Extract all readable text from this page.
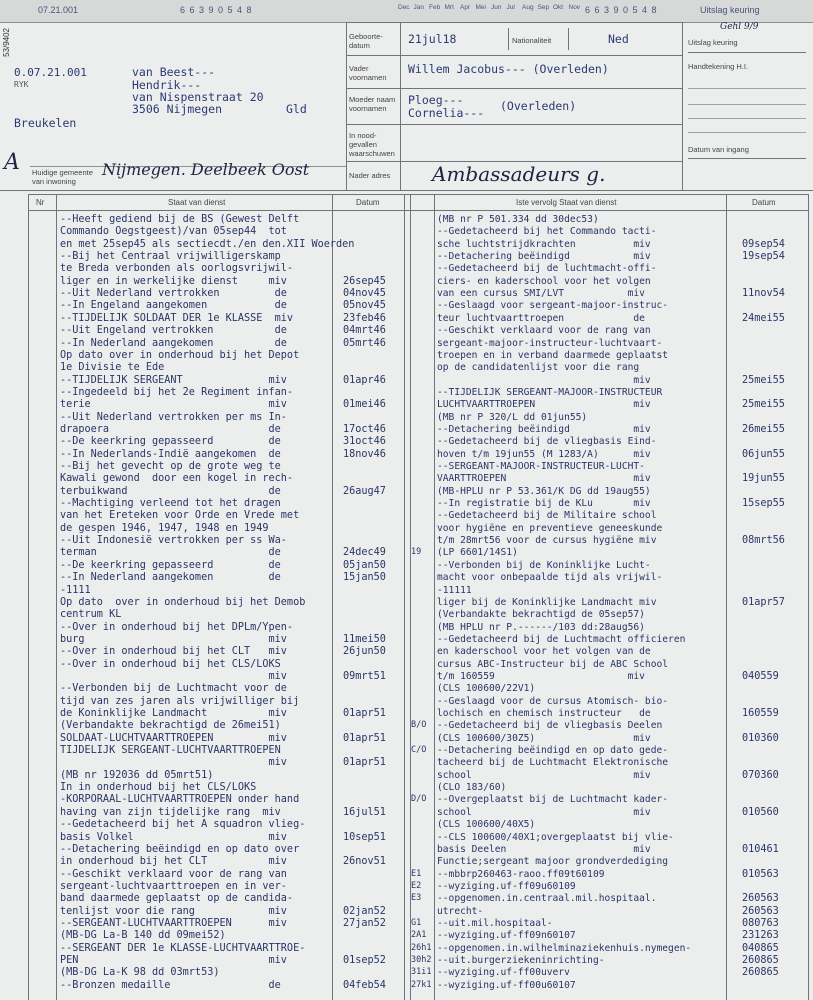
07.21.001	6 6 3 9 0 5 4 8	6 6 3 9 0 5 4 8	Uitslag keuring
Dec Jan Feb Mrt Apr Mei Jun Jul Aug Sep Okt Nov
53/9402
0.07.21.001
RYK
van Beest---
Hendrik---
van Nispenstraat 20
3506 Nijmegen	Gld
Breukelen
Huidige gemeente van inwoning
A	Nijmegen. Deelbeek Oost
Geboorte-datum	21jul18	Nationaliteit	Ned
Vader voornamen
Willem Jacobus--- (Overleden)
Moeder naam voornamen
Ploeg---
Cornelia--- (Overleden)
In nood-gevallen waarschuwen
Nader adres Ambassadeurs g.
Uitslag keuring
Gehl 9/9
Handtekening H.I.
Datum van ingang
Nr	Staat van dienst	Datum	Iste vervolg Staat van dienst	Datum
--Heeft gediend bij de BS (Gewest Delft
Commando Oegstgeest)/van 05sep44  tot
en met 25sep45 als sectiecdt./en den.XII Woerden
--Bij het Centraal vrijwilligerskamp
te Breda verbonden als oorlogsvrijwil-
liger en in werkelijke dienst     miv	26sep45
--Uit Nederland vertrokken         de	04nov45
--In Engeland aangekomen           de	05nov45
--TIJDELIJK SOLDAAT DER 1e KLASSE  miv	23feb46
--Uit Engeland vertrokken          de	04mrt46
--In Nederland aangekomen          de	05mrt46
Op dato over in onderhoud bij het Depot
1e Divisie te Ede
--TIJDELIJK SERGEANT              miv	01apr46
--Ingedeeld bij het 2e Regiment infan-
terie                             miv	01mei46
--Uit Nederland vertrokken per ms In-
drapoera                          de	17oct46
--De keerkring gepasseerd         de	31oct46
--In Nederlands-Indië aangekomen  de	18nov46
--Bij het gevecht op de grote weg te
Kawali gewond  door een kogel in rech-
terbuikwand                       de	26aug47
--Machtiging verleend tot het dragen
van het Ereteken voor Orde en Vrede met
de gespen 1946, 1947, 1948 en 1949
--Uit Indonesië vertrokken per ss Wa-
terman                            de	24dec49
--De keerkring gepasseerd         de	05jan50
--In Nederland aangekomen         de	15jan50
-1111
Op dato  over in onderhoud bij het Demob
centrum KL
--Over in onderhoud bij het DPLm/Ypen-
burg                              miv	11mei50
--Over in onderhoud bij het CLT   miv	26jun50
--Over in onderhoud bij het CLS/LOKS
miv	09mrt51
--Verbonden bij de Luchtmacht voor de
tijd van zes jaren als vrijwilliger bij
de Koninklijke Landmacht          miv	01apr51
(Verbandakte bekrachtigd de 26mei51)
SOLDAAT-LUCHTVAARTTROEPEN         miv	01apr51
TIJDELIJK SERGEANT-LUCHTVAARTTROEPEN
miv	01apr51
(MB nr 192036 dd 05mrt51)
In in onderhoud bij het CLS/LOKS
-KORPORAAL-LUCHTVAARTTROEPEN onder hand
having van zijn tijdelijke rang  miv	16jul51
--Gedetacheerd bij het A squadron vlieg-
basis Volkel                      miv	10sep51
--Detachering beëindigd en op dato over
in onderhoud bij het CLT          miv	26nov51
--Geschikt verklaard voor de rang van
sergeant-luchtvaarttroepen en in ver-
band daarmede geplaatst op de candida-
tenlijst voor die rang            miv	02jan52
--SERGEANT-LUCHTVAARTTROEPEN      miv	27jan52
(MB-DG La-B 140 dd 09mei52)
--SERGEANT DER 1e KLASSE-LUCHTVAARTTROE-
PEN                               miv	01sep52
(MB-DG La-K 98 dd 03mrt53)
--Bronzen medaille                de	04feb54
(MB nr P 501.334 dd 30dec53)
--Gedetacheerd bij het Commando tacti-
sche luchtstrijdkrachten          miv	09sep54
--Detachering beëindigd           miv	19sep54
--Gedetacheerd bij de luchtmacht-offi-
ciers- en kaderschool voor het volgen
van een cursus SMI/LVT           miv	11nov54
--Geslaagd voor sergeant-majoor-instruc-
teur luchtvaarttroepen            de	24mei55
--Geschikt verklaard voor de rang van
sergeant-majoor-instructeur-luchtvaart-
troepen en in verband daarmede geplaatst
op de candidatenlijst voor die rang
miv	25mei55
--TIJDELIJK SERGEANT-MAJOOR-INSTRUCTEUR
LUCHTVAARTTROEPEN                 miv	25mei55
(MB nr P 320/L dd 01jun55)
--Detachering beëindigd           miv	26mei55
--Gedetacheerd bij de vliegbasis Eind-
hoven t/m 19jun55 (M 1283/A)      miv	06jun55
--SERGEANT-MAJOOR-INSTRUCTEUR-LUCHT-
VAARTTROEPEN                      miv	19jun55
(MB-HPLU nr P 53.361/K DG dd 19aug55)
--In registratie bij de KLu       miv	15sep55
--Gedetacheerd bij de Militaire school
voor hygiëne en preventieve geneeskunde
t/m 28mrt56 voor de cursus hygiëne miv	08mrt56
19 (LP 6601/14S1)
--Verbonden bij de Koninklijke Lucht-
macht voor onbepaalde tijd als vrijwil-
-11111
liger bij de Koninklijke Landmacht miv	01apr57
(Verbandakte bekrachtigd de 05sep57)
(MB HPLU nr P.------/103 dd:28aug56)
--Gedetacheerd bij de Luchtmacht officieren
en kaderschool voor het volgen van de
cursus ABC-Instructeur bij de ABC School
t/m 160559                       miv	040559
(CLS 100600/22V1)
--Geslaagd voor de cursus Atomisch- bio-
lochisch en chemisch instructeur   de	160559
B/O --Gedetacheerd bij de vliegbasis Deelen
(CLS 100600/30Z5)                 miv	010360
C/O --Detachering beëindigd en op dato gede-
tacheerd bij de Luchtmacht Elektronische
school                            miv	070360
(CLO 183/60)
D/O --Overgeplaatst bij de Luchtmacht kader-
school                            miv	010560
(CLS 100600/40X5)
--CLS 100600/40X1;overgeplaatst bij vlie-
basis Deelen                      miv	010461
Functie;sergeant majoor grondverdediging
E1 --mbbrp260463-raoo.ff09t60109	010563
E2 --wyziging.uf-ff09u60109
E3 --opgenomen.in.centraal.mil.hospitaal.	260563
utrecht-	260563
G1 --uit.mil.hospitaal-	080763
2A1 --wyziging.uf-ff09n60107	231263
26h1 --opgenomen.in.wilhelminaziekenhuis.nymegen-	040865
30h2 --uit.burgerziekeninrichting-	260865
31i1 --wyziging.uf-ff00uverv	260865
27k1 --wyziging.uf-ff00u60107
